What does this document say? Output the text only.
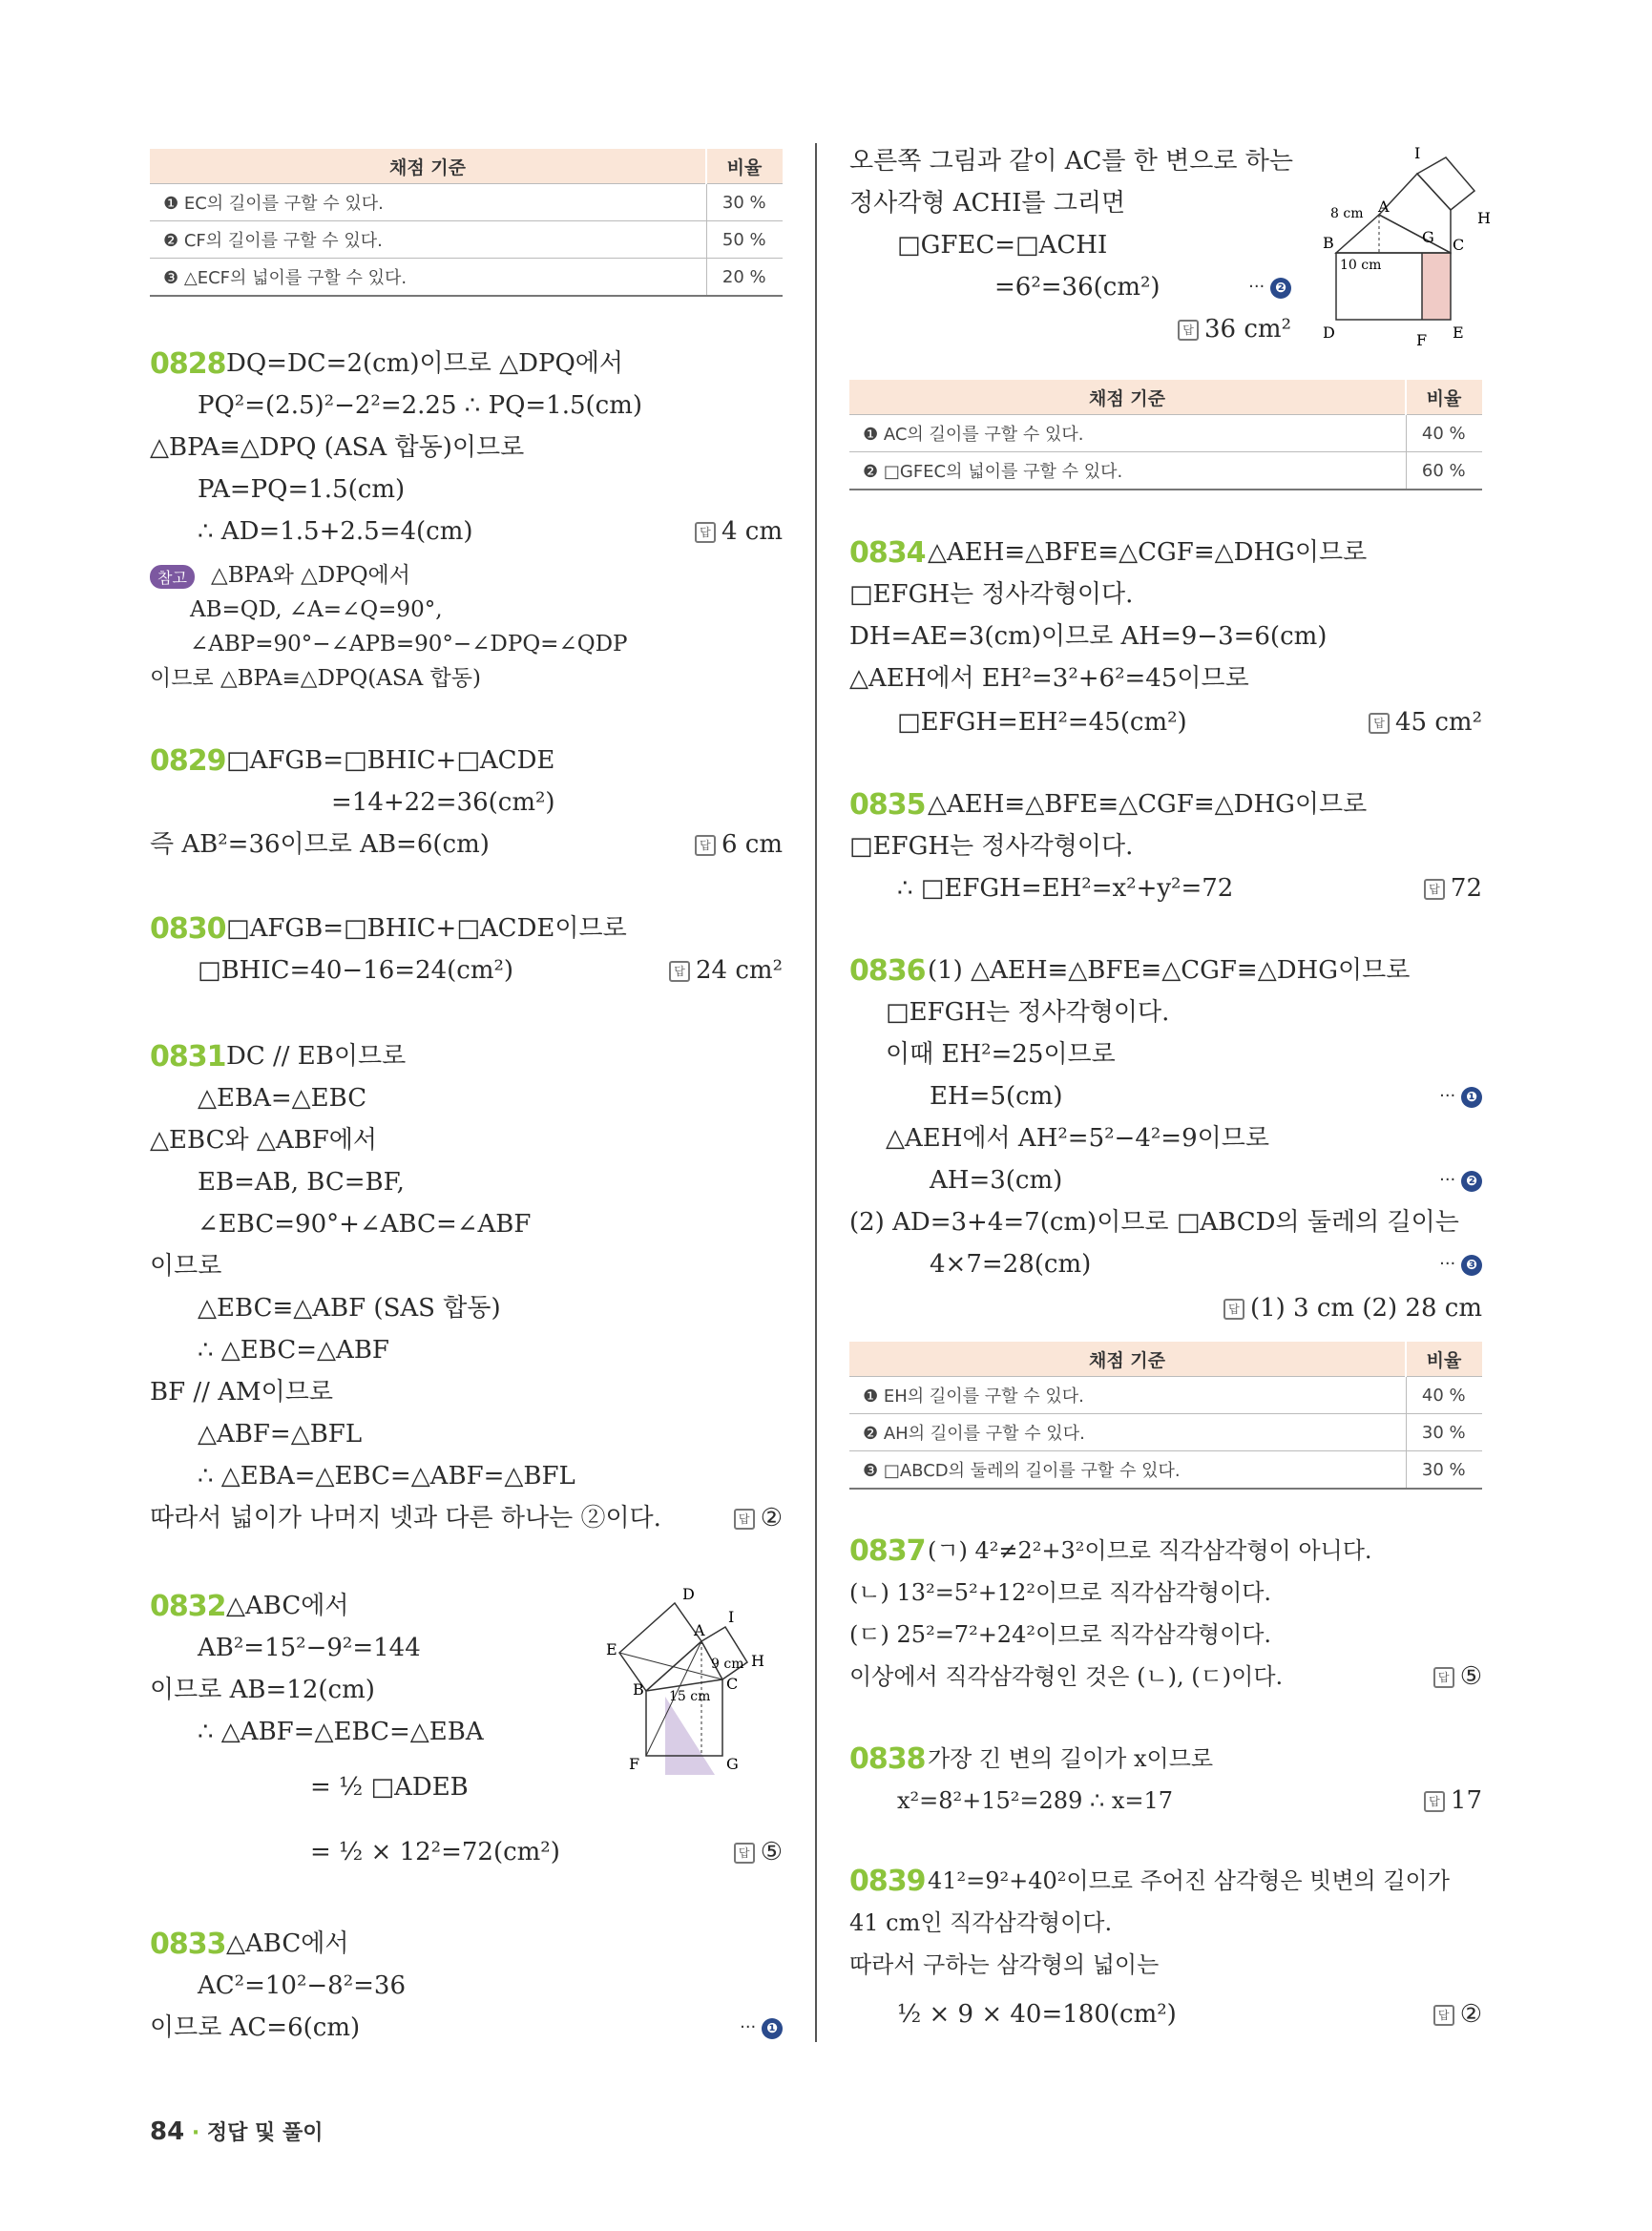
채점 기준	비율
❶ EC의 길이를 구할 수 있다.	30 %
❷ CF의 길이를 구할 수 있다.	50 %
❸ △ECF의 넓이를 구할 수 있다.	20 %
0828 DQ=DC=2(cm)이므로 △DPQ에서
PQ²=(2.5)²−2²=2.25 ∴ PQ=1.5(cm)
△BPA≡△DPQ (ASA 합동)이므로
PA=PQ=1.5(cm)
∴ AD=1.5+2.5=4(cm)	답 4 cm
참고	△BPA와 △DPQ에서
AB=QD, ∠A=∠Q=90°,
∠ABP=90°−∠APB=90°−∠DPQ=∠QDP
이므로 △BPA≡△DPQ(ASA 합동)
0829 □AFGB=□BHIC+□ACDE
=14+22=36(cm²)
즉 AB²=36이므로 AB=6(cm)	답 6 cm
0830 □AFGB=□BHIC+□ACDE이므로
□BHIC=40−16=24(cm²)	답 24 cm²
0831 DC // EB이므로
△EBA=△EBC
△EBC와 △ABF에서
EB=AB, BC=BF,
∠EBC=90°+∠ABC=∠ABF
이므로
△EBC≡△ABF (SAS 합동)
∴ △EBC=△ABF
BF // AM이므로
△ABF=△BFL
∴ △EBA=△EBC=△ABF=△BFL
따라서 넓이가 나머지 넷과 다른 하나는 ②이다.	답 ②
0832 △ABC에서
AB²=15²−9²=144
이므로 AB=12(cm)
∴ △ABF=△EBC=△EBA
= ½ □ADEB
= ½ × 12²=72(cm²)	답 ⑤
D
E
A
I
H
B	C
F	G
9 cm
15 cm
0833 △ABC에서
AC²=10²−8²=36
이므로 AC=6(cm)	··· ❶
오른쪽 그림과 같이 AC를 한 변으로 하는
정사각형 ACHI를 그리면
□GFEC=□ACHI
=6²=36(cm²)	··· ❷
답 36 cm²
I
A
H
B	G C
D	F E
8 cm
10 cm
채점 기준	비율
❶ AC의 길이를 구할 수 있다.	40 %
❷ □GFEC의 넓이를 구할 수 있다.	60 %
0834 △AEH≡△BFE≡△CGF≡△DHG이므로
□EFGH는 정사각형이다.
DH=AE=3(cm)이므로 AH=9−3=6(cm)
△AEH에서 EH²=3²+6²=45이므로
□EFGH=EH²=45(cm²)	답 45 cm²
0835 △AEH≡△BFE≡△CGF≡△DHG이므로
□EFGH는 정사각형이다.
∴ □EFGH=EH²=x²+y²=72	답 72
0836 (1) △AEH≡△BFE≡△CGF≡△DHG이므로
□EFGH는 정사각형이다.
이때 EH²=25이므로
EH=5(cm)	··· ❶
△AEH에서 AH²=5²−4²=9이므로
AH=3(cm)	··· ❷
(2) AD=3+4=7(cm)이므로 □ABCD의 둘레의 길이는
4×7=28(cm)	··· ❸
답 (1) 3 cm (2) 28 cm
채점 기준	비율
❶ EH의 길이를 구할 수 있다.	40 %
❷ AH의 길이를 구할 수 있다.	30 %
❸ □ABCD의 둘레의 길이를 구할 수 있다.	30 %
0837 (ㄱ) 4²≠2²+3²이므로 직각삼각형이 아니다.
(ㄴ) 13²=5²+12²이므로 직각삼각형이다.
(ㄷ) 25²=7²+24²이므로 직각삼각형이다.
이상에서 직각삼각형인 것은 (ㄴ), (ㄷ)이다.	답 ⑤
0838 가장 긴 변의 길이가 x이므로
x²=8²+15²=289 ∴ x=17	답 17
0839 41²=9²+40²이므로 주어진 삼각형은 빗변의 길이가
41 cm인 직각삼각형이다.
따라서 구하는 삼각형의 넓이는
½ × 9 × 40=180(cm²)	답 ②
84 · 정답 및 풀이
